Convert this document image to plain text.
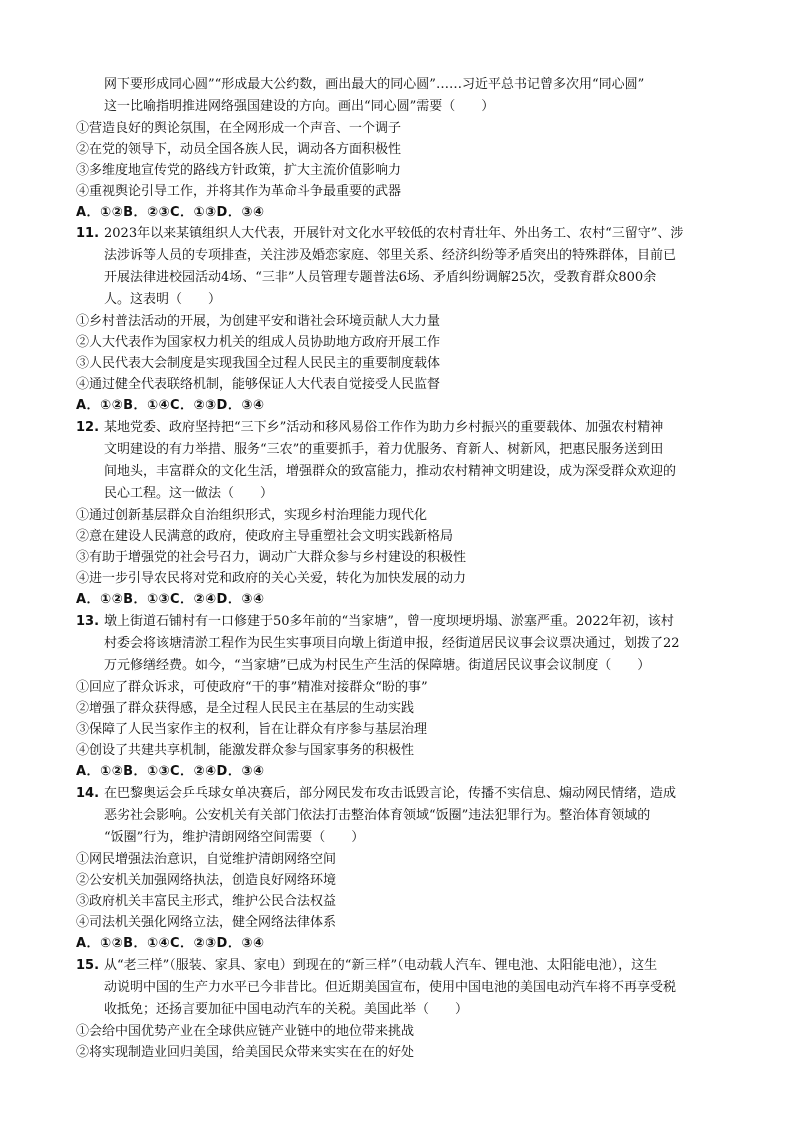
网下要形成同心圆”“形成最大公约数，画出最大的同心圆”……习近平总书记曾多次用“同心圆”
这一比喻指明推进网络强国建设的方向。画出“同心圆”需要（　　）
①营造良好的舆论氛围，在全网形成一个声音、一个调子
②在党的领导下，动员全国各族人民，调动各方面积极性
③多维度地宣传党的路线方针政策，扩大主流价值影响力
④重视舆论引导工作，并将其作为革命斗争最重要的武器
A．①②B．②③C．①③D．③④
11. 2023年以来某镇组织人大代表，开展针对文化水平较低的农村青壮年、外出务工、农村“三留守”、涉
法涉诉等人员的专项排查，关注涉及婚恋家庭、邻里关系、经济纠纷等矛盾突出的特殊群体，目前已
开展法律进校园活动4场、“三非”人员管理专题普法6场、矛盾纠纷调解25次，受教育群众800余
人。这表明（　　）
①乡村普法活动的开展，为创建平安和谐社会环境贡献人大力量
②人大代表作为国家权力机关的组成人员协助地方政府开展工作
③人民代表大会制度是实现我国全过程人民民主的重要制度载体
④通过健全代表联络机制，能够保证人大代表自觉接受人民监督
A．①②B．①④C．②③D．③④
12. 某地党委、政府坚持把“三下乡”活动和移风易俗工作作为助力乡村振兴的重要载体、加强农村精神
文明建设的有力举措、服务“三农”的重要抓手，着力优服务、育新人、树新风，把惠民服务送到田
间地头，丰富群众的文化生活，增强群众的致富能力，推动农村精神文明建设，成为深受群众欢迎的
民心工程。这一做法（　　）
①通过创新基层群众自治组织形式，实现乡村治理能力现代化
②意在建设人民满意的政府，使政府主导重塑社会文明实践新格局
③有助于增强党的社会号召力，调动广大群众参与乡村建设的积极性
④进一步引导农民将对党和政府的关心关爱，转化为加快发展的动力
A．①②B．①③C．②④D．③④
13. 墩上街道石铺村有一口修建于50多年前的“当家塘”，曾一度坝埂坍塌、淤塞严重。2022年初，该村
村委会将该塘清淤工程作为民生实事项目向墩上街道申报，经街道居民议事会议票决通过，划拨了22
万元修缮经费。如今，“当家塘”已成为村民生产生活的保障塘。街道居民议事会议制度（　　）
①回应了群众诉求，可使政府“干的事”精准对接群众“盼的事”
②增强了群众获得感，是全过程人民民主在基层的生动实践
③保障了人民当家作主的权利，旨在让群众有序参与基层治理
④创设了共建共享机制，能激发群众参与国家事务的积极性
A．①②B．①③C．②④D．③④
14. 在巴黎奥运会乒乓球女单决赛后，部分网民发布攻击诋毁言论，传播不实信息、煽动网民情绪，造成
恶劣社会影响。公安机关有关部门依法打击整治体育领域“饭圈”违法犯罪行为。整治体育领域的
“饭圈”行为，维护清朗网络空间需要（　　）
①网民增强法治意识，自觉维护清朗网络空间
②公安机关加强网络执法，创造良好网络环境
③政府机关丰富民主形式，维护公民合法权益
④司法机关强化网络立法，健全网络法律体系
A．①②B．①④C．②③D．③④
15. 从“老三样”（服装、家具、家电）到现在的“新三样”（电动载人汽车、锂电池、太阳能电池），这生
动说明中国的生产力水平已今非昔比。但近期美国宣布，使用中国电池的美国电动汽车将不再享受税
收抵免；还扬言要加征中国电动汽车的关税。美国此举（　　）
①会给中国优势产业在全球供应链产业链中的地位带来挑战
②将实现制造业回归美国，给美国民众带来实实在在的好处
